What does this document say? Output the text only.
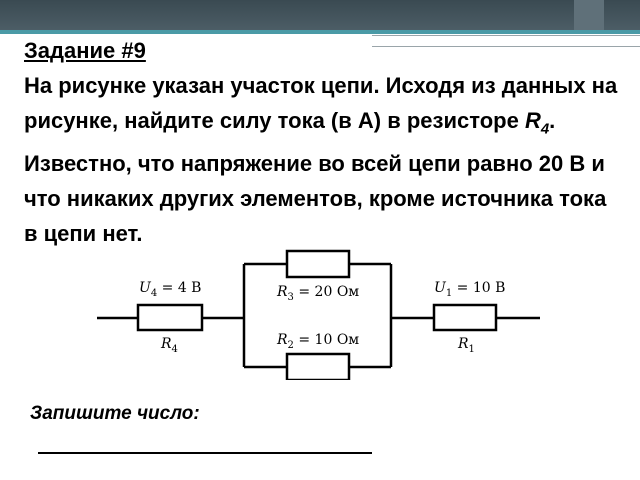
Задание #9
На рисунке указан участок цепи. Исходя из данных на рисунке, найдите силу тока (в А) в резисторе $R_4$. Известно, что напряжение во всей цепи равно 20 В и что никаких других элементов, кроме источника тока в цепи нет.
$U_4 = 4$ В
$R_4$
$R_3 = 20$ Ом
$R_2 = 10$ Ом
$U_1 = 10$ В
$R_1$
Запишите число:
